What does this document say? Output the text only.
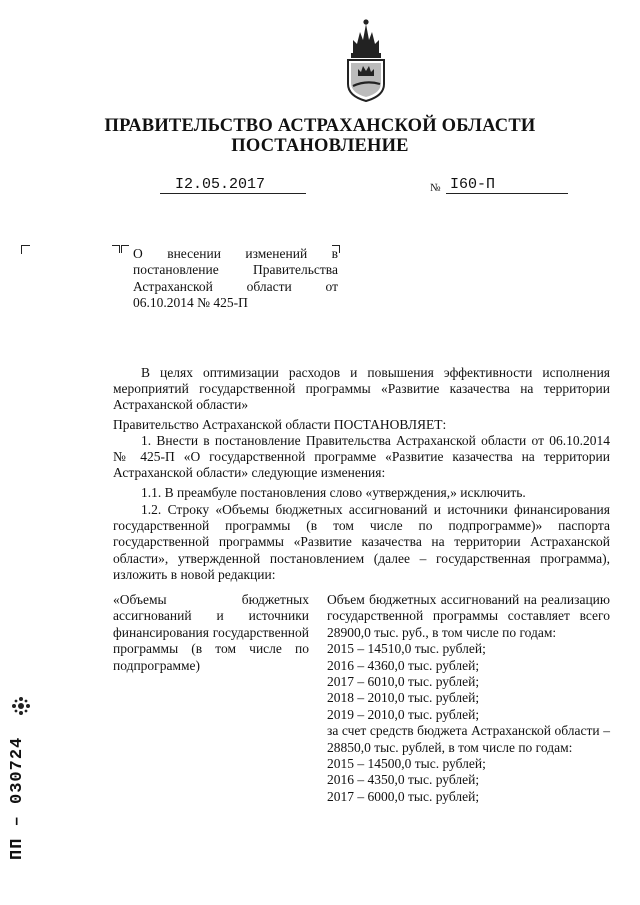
ПРАВИТЕЛЬСТВО АСТРАХАНСКОЙ ОБЛАСТИ
ПОСТАНОВЛЕНИЕ
I2.05.2017	№ I60-П
О внесении изменений в постановление Правительства Астраханской области от 06.10.2014 № 425-П
В целях оптимизации расходов и повышения эффективности исполнения мероприятий государственной программы «Развитие казачества на территории Астраханской области»
Правительство Астраханской области ПОСТАНОВЛЯЕТ:
1. Внести в постановление Правительства Астраханской области от 06.10.2014 № 425-П «О государственной программе «Развитие казачества на территории Астраханской области» следующие изменения:
1.1. В преамбуле постановления слово «утверждения,» исключить.
1.2. Строку «Объемы бюджетных ассигнований и источники финансирования государственной программы (в том числе по подпрограмме)» паспорта государственной программы «Развитие казачества на территории Астраханской области», утвержденной постановлением (далее – государственная программа), изложить в новой редакции:
«Объемы бюджетных ассигнований и источники финансирования государственной программы (в том числе по подпрограмме)
Объем бюджетных ассигнований на реализацию государственной программы составляет всего 28900,0 тыс. руб., в том числе по годам:
2015 – 14510,0 тыс. рублей;
2016 – 4360,0 тыс. рублей;
2017 – 6010,0 тыс. рублей;
2018 – 2010,0 тыс. рублей;
2019 – 2010,0 тыс. рублей;
за счет средств бюджета Астраханской области – 28850,0 тыс. рублей, в том числе по годам:
2015 – 14500,0 тыс. рублей;
2016 – 4350,0 тыс. рублей;
2017 – 6000,0 тыс. рублей;
ПП – 030724
